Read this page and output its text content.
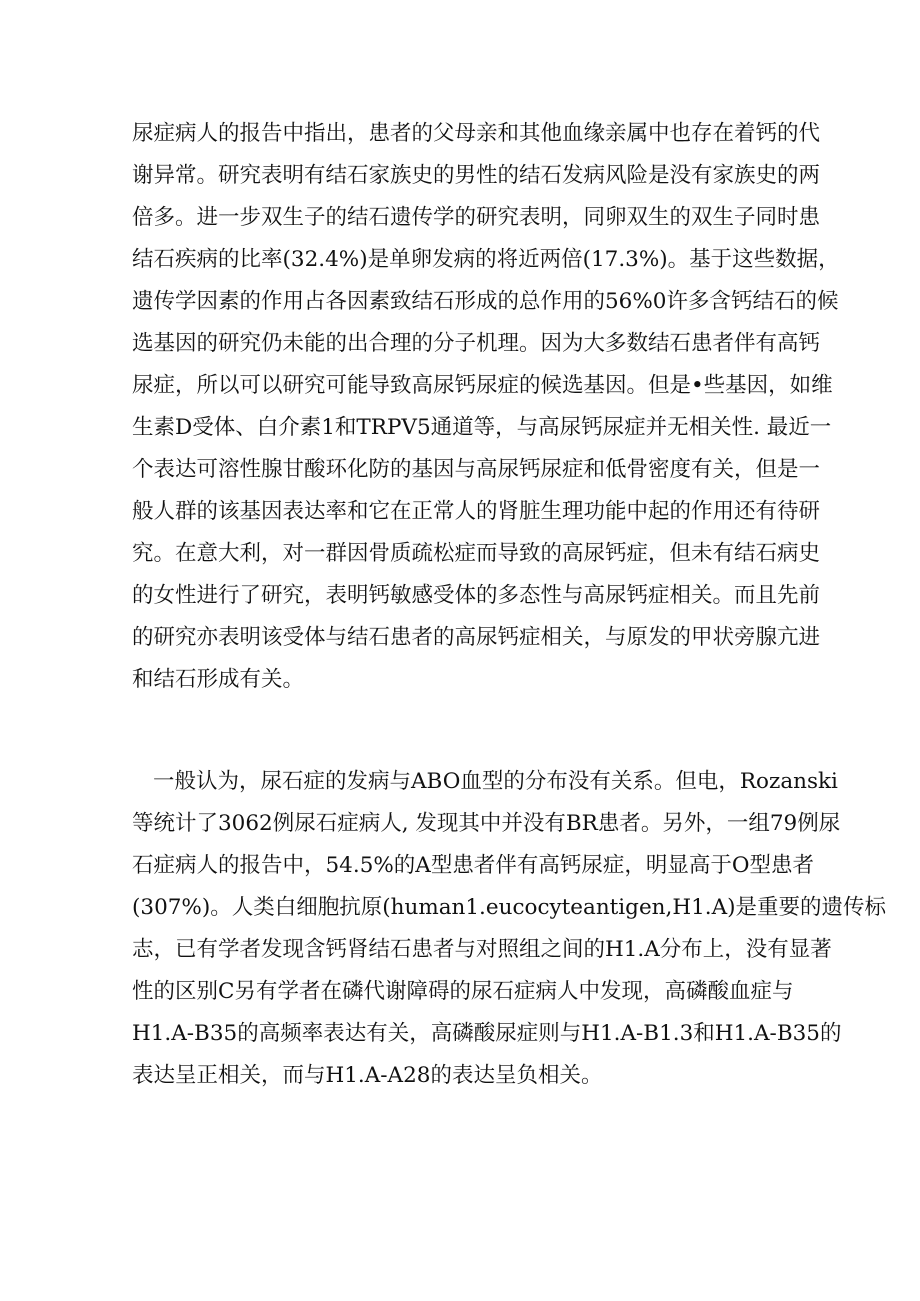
尿症病人的报告中指出，患者的父母亲和其他血缘亲属中也存在着钙的代
谢异常。研究表明有结石家族史的男性的结石发病风险是没有家族史的两
倍多。进一步双生子的结石遗传学的研究表明，同卵双生的双生子同时患
结石疾病的比率(32.4%)是单卵发病的将近两倍(17.3%)。基于这些数据，
遗传学因素的作用占各因素致结石形成的总作用的56%0许多含钙结石的候
选基因的研究仍未能的出合理的分子机理。因为大多数结石患者伴有高钙
尿症，所以可以研究可能导致高尿钙尿症的候选基因。但是•些基因，如维
生素D受体、白介素1和TRPV5通道等，与高尿钙尿症并无相关性. 最近一
个表达可溶性腺甘酸环化防的基因与高尿钙尿症和低骨密度有关，但是一
般人群的该基因表达率和它在正常人的肾脏生理功能中起的作用还有待研
究。在意大利，对一群因骨质疏松症而导致的高尿钙症，但未有结石病史
的女性进行了研究，表明钙敏感受体的多态性与高尿钙症相关。而且先前
的研究亦表明该受体与结石患者的高尿钙症相关，与原发的甲状旁腺亢进
和结石形成有关。
一般认为，尿石症的发病与ABO血型的分布没有关系。但电，Rozanski
等统计了3062例尿石症病人, 发现其中并没有BR患者。另外，一组79例尿
石症病人的报告中，54.5%的A型患者伴有高钙尿症，明显高于O型患者
(307%)。人类白细胞抗原(human1.eucocyteantigen,H1.A)是重要的遗传标
志，已有学者发现含钙肾结石患者与对照组之间的H1.A分布上，没有显著
性的区别C另有学者在磷代谢障碍的尿石症病人中发现，高磷酸血症与
H1.A-B35的高频率表达有关，高磷酸尿症则与H1.A-B1.3和H1.A-B35的
表达呈正相关，而与H1.A-A28的表达呈负相关。
